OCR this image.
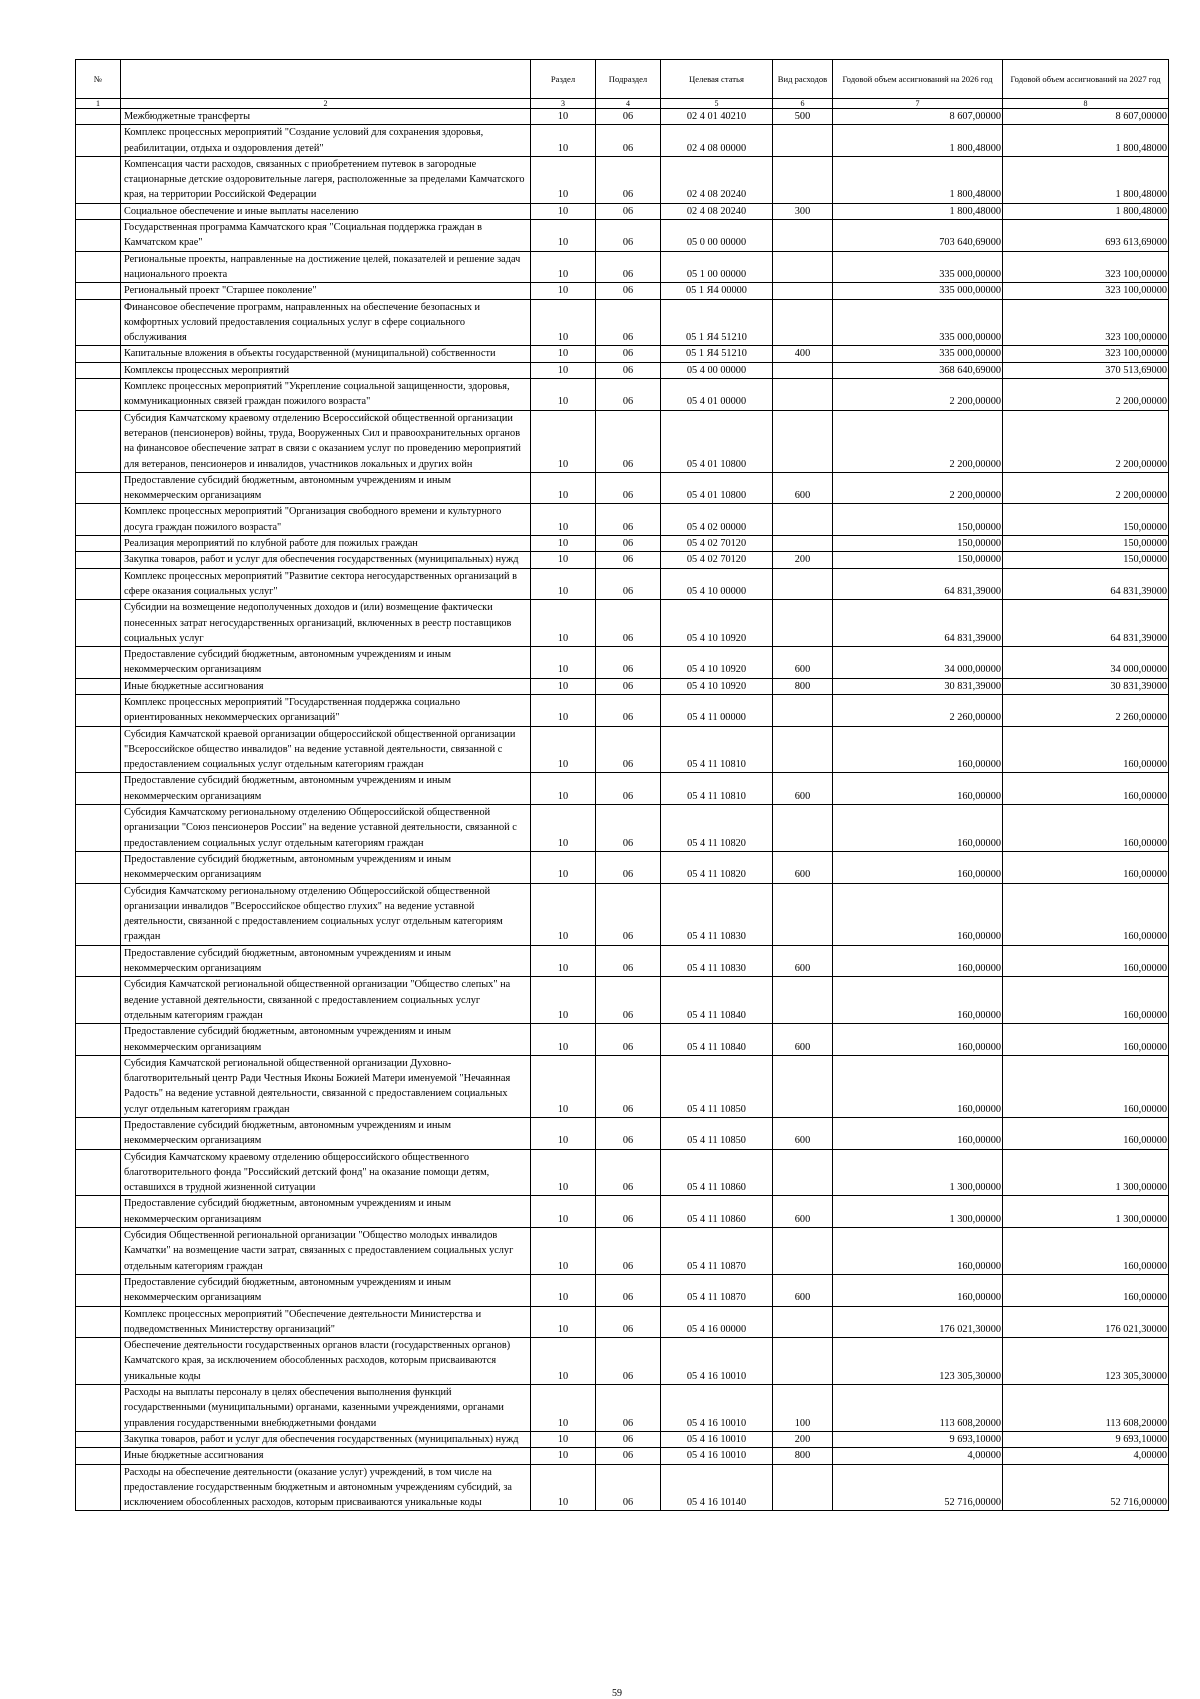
№		Раздел	Подраздел	Целевая статья	Вид расходов	Годовой объем ассигнований на 2026 год	Годовой объем ассигнований на 2027 год
1	2	3	4	5	6	7	8
	Межбюджетные трансферты	10	06	02 4 01 40210	500	8 607,00000	8 607,00000
	Комплекс процессных мероприятий "Создание условий для сохранения здоровья, реабилитации, отдыха и оздоровления детей"	10	06	02 4 08 00000		1 800,48000	1 800,48000
	Компенсация части расходов, связанных с приобретением путевок в загородные стационарные детские оздоровительные лагеря, расположенные за пределами Камчатского края, на территории Российской Федерации	10	06	02 4 08 20240		1 800,48000	1 800,48000
	Социальное обеспечение и иные выплаты населению	10	06	02 4 08 20240	300	1 800,48000	1 800,48000
	Государственная программа Камчатского края "Социальная поддержка граждан в Камчатском крае"	10	06	05 0 00 00000		703 640,69000	693 613,69000
	Региональные проекты, направленные на достижение целей, показателей и решение задач национального проекта	10	06	05 1 00 00000		335 000,00000	323 100,00000
	Региональный проект "Старшее поколение"	10	06	05 1 Я4 00000		335 000,00000	323 100,00000
	Финансовое обеспечение программ, направленных на обеспечение безопасных и комфортных условий предоставления социальных услуг в сфере социального обслуживания	10	06	05 1 Я4 51210		335 000,00000	323 100,00000
	Капитальные вложения в объекты государственной (муниципальной) собственности	10	06	05 1 Я4 51210	400	335 000,00000	323 100,00000
	Комплексы процессных мероприятий	10	06	05 4 00 00000		368 640,69000	370 513,69000
	Комплекс процессных мероприятий "Укрепление социальной защищенности, здоровья, коммуникационных связей граждан пожилого возраста"	10	06	05 4 01 00000		2 200,00000	2 200,00000
	Субсидия Камчатскому краевому отделению Всероссийской общественной организации ветеранов (пенсионеров) войны, труда, Вооруженных Сил и правоохранительных органов на финансовое обеспечение затрат в связи с оказанием услуг по проведению мероприятий для ветеранов, пенсионеров и инвалидов, участников локальных и других войн	10	06	05 4 01 10800		2 200,00000	2 200,00000
	Предоставление субсидий бюджетным, автономным учреждениям и иным некоммерческим организациям	10	06	05 4 01 10800	600	2 200,00000	2 200,00000
	Комплекс процессных мероприятий "Организация свободного времени и культурного досуга граждан пожилого возраста"	10	06	05 4 02 00000		150,00000	150,00000
	Реализация мероприятий по клубной работе для пожилых граждан	10	06	05 4 02 70120		150,00000	150,00000
	Закупка товаров, работ и услуг для обеспечения государственных (муниципальных) нужд	10	06	05 4 02 70120	200	150,00000	150,00000
	Комплекс процессных мероприятий "Развитие сектора негосударственных организаций в сфере оказания социальных услуг"	10	06	05 4 10 00000		64 831,39000	64 831,39000
	Субсидии на возмещение недополученных доходов и (или) возмещение фактически понесенных затрат негосударственных организаций, включенных в реестр поставщиков социальных услуг	10	06	05 4 10 10920		64 831,39000	64 831,39000
	Предоставление субсидий бюджетным, автономным учреждениям и иным некоммерческим организациям	10	06	05 4 10 10920	600	34 000,00000	34 000,00000
	Иные бюджетные ассигнования	10	06	05 4 10 10920	800	30 831,39000	30 831,39000
	Комплекс процессных мероприятий "Государственная поддержка социально ориентированных некоммерческих организаций"	10	06	05 4 11 00000		2 260,00000	2 260,00000
	Субсидия Камчатской краевой организации общероссийской общественной организации "Всероссийское общество инвалидов" на ведение уставной деятельности, связанной с предоставлением социальных услуг отдельным категориям граждан	10	06	05 4 11 10810		160,00000	160,00000
	Предоставление субсидий бюджетным, автономным учреждениям и иным некоммерческим организациям	10	06	05 4 11 10810	600	160,00000	160,00000
	Субсидия Камчатскому региональному отделению Общероссийской общественной организации "Союз пенсионеров России" на ведение уставной деятельности, связанной с предоставлением социальных услуг отдельным категориям граждан	10	06	05 4 11 10820		160,00000	160,00000
	Предоставление субсидий бюджетным, автономным учреждениям и иным некоммерческим организациям	10	06	05 4 11 10820	600	160,00000	160,00000
	Субсидия Камчатскому региональному отделению Общероссийской общественной организации инвалидов "Всероссийское общество глухих" на ведение уставной деятельности, связанной с предоставлением социальных услуг отдельным категориям граждан	10	06	05 4 11 10830		160,00000	160,00000
	Предоставление субсидий бюджетным, автономным учреждениям и иным некоммерческим организациям	10	06	05 4 11 10830	600	160,00000	160,00000
	Субсидия Камчатской региональной общественной организации "Общество слепых" на ведение уставной деятельности, связанной с предоставлением социальных услуг отдельным категориям граждан	10	06	05 4 11 10840		160,00000	160,00000
	Предоставление субсидий бюджетным, автономным учреждениям и иным некоммерческим организациям	10	06	05 4 11 10840	600	160,00000	160,00000
	Субсидия Камчатской региональной общественной организации Духовно-благотворительный центр Ради Честныя Иконы Божией Матери именуемой "Нечаянная Радость" на ведение уставной деятельности, связанной с предоставлением социальных услуг отдельным категориям граждан	10	06	05 4 11 10850		160,00000	160,00000
	Предоставление субсидий бюджетным, автономным учреждениям и иным некоммерческим организациям	10	06	05 4 11 10850	600	160,00000	160,00000
	Субсидия Камчатскому краевому отделению общероссийского общественного благотворительного фонда "Российский детский фонд" на оказание помощи детям, оставшихся в трудной жизненной ситуации	10	06	05 4 11 10860		1 300,00000	1 300,00000
	Предоставление субсидий бюджетным, автономным учреждениям и иным некоммерческим организациям	10	06	05 4 11 10860	600	1 300,00000	1 300,00000
	Субсидия Общественной региональной организации "Общество молодых инвалидов Камчатки" на возмещение части затрат, связанных с предоставлением социальных услуг отдельным категориям граждан	10	06	05 4 11 10870		160,00000	160,00000
	Предоставление субсидий бюджетным, автономным учреждениям и иным некоммерческим организациям	10	06	05 4 11 10870	600	160,00000	160,00000
	Комплекс процессных мероприятий "Обеспечение деятельности Министерства и подведомственных Министерству организаций"	10	06	05 4 16 00000		176 021,30000	176 021,30000
	Обеспечение деятельности государственных органов власти (государственных органов) Камчатского края, за исключением обособленных расходов, которым присваиваются уникальные коды	10	06	05 4 16 10010		123 305,30000	123 305,30000
	Расходы на выплаты персоналу в целях обеспечения выполнения функций государственными (муниципальными) органами, казенными учреждениями, органами управления государственными внебюджетными фондами	10	06	05 4 16 10010	100	113 608,20000	113 608,20000
	Закупка товаров, работ и услуг для обеспечения государственных (муниципальных) нужд	10	06	05 4 16 10010	200	9 693,10000	9 693,10000
	Иные бюджетные ассигнования	10	06	05 4 16 10010	800	4,00000	4,00000
	Расходы на обеспечение деятельности (оказание услуг) учреждений, в том числе на предоставление государственным бюджетным и автономным учреждениям субсидий, за исключением обособленных расходов, которым присваиваются уникальные коды	10	06	05 4 16 10140		52 716,00000	52 716,00000
59
